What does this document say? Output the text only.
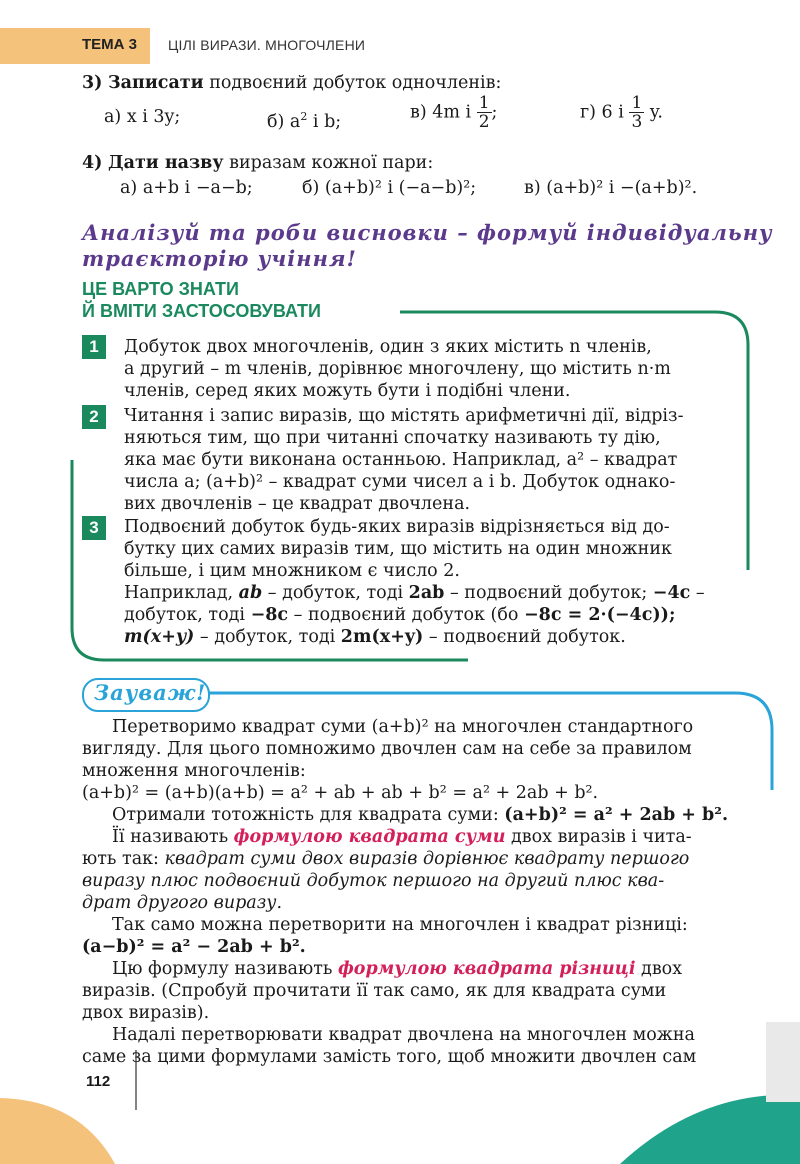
ТЕМА 3 ЦІЛІ ВИРАЗИ. МНОГОЧЛЕНИ
3) Записати подвоєний добуток одночленів:
а) x і 3y;	б) $a^2$ і b;	в) 4m і $\frac{1}{2}$ ;	г) 6 і $\frac{1}{3} y$.
4) Дати назву виразам кожної пари:
а) a+b і −a−b;	б) (a+b)² і (−a−b)²;	в) (a+b)² і −(a+b)².
Аналізуй та роби висновки – формуй індивідуальну
траєкторію учіння!
ЦЕ ВАРТО ЗНАТИ
Й ВМІТИ ЗАСТОСОВУВАТИ
1	Добуток двох многочленів, один з яких містить n членів,
а другий – m членів, дорівнює многочлену, що містить n·m
членів, серед яких можуть бути і подібні члени.
2	Читання і запис виразів, що містять арифметичні дії, відріз-
няються тим, що при читанні спочатку називають ту дію,
яка має бути виконана останньою. Наприклад, a² – квадрат
числа a; (a+b)² – квадрат суми чисел a і b. Добуток однако-
вих двочленів – це квадрат двочлена.
3	Подвоєний добуток будь-яких виразів відрізняється від до-
бутку цих самих виразів тим, що містить на один множник
більше, і цим множником є число 2.
Наприклад, ab – добуток, тоді 2ab – подвоєний добуток; −4c –
добуток, тоді −8c – подвоєний добуток (бо −8c = 2·(−4c));
m(x+y) – добуток, тоді 2m(x+y) – подвоєний добуток.
Зауваж!
Перетворимо квадрат суми (a+b)² на многочлен стандартного
вигляду. Для цього помножимо двочлен сам на себе за правилом
множення многочленів:
(a+b)² = (a+b)(a+b) = a² + ab + ab + b² = a² + 2ab + b².
Отримали тотожність для квадрата суми: (a+b)² = a² + 2ab + b².
Її називають формулою квадрата суми двох виразів і чита-
ють так: квадрат суми двох виразів дорівнює квадрату першого
виразу плюс подвоєний добуток першого на другий плюс ква-
драт другого виразу.
Так само можна перетворити на многочлен і квадрат різниці:
(a−b)² = a² − 2ab + b².
Цю формулу називають формулою квадрата різниці двох
виразів. (Спробуй прочитати її так само, як для квадрата суми
двох виразів).
Надалі перетворювати квадрат двочлена на многочлен можна
саме за цими формулами замість того, щоб множити двочлен сам
112
